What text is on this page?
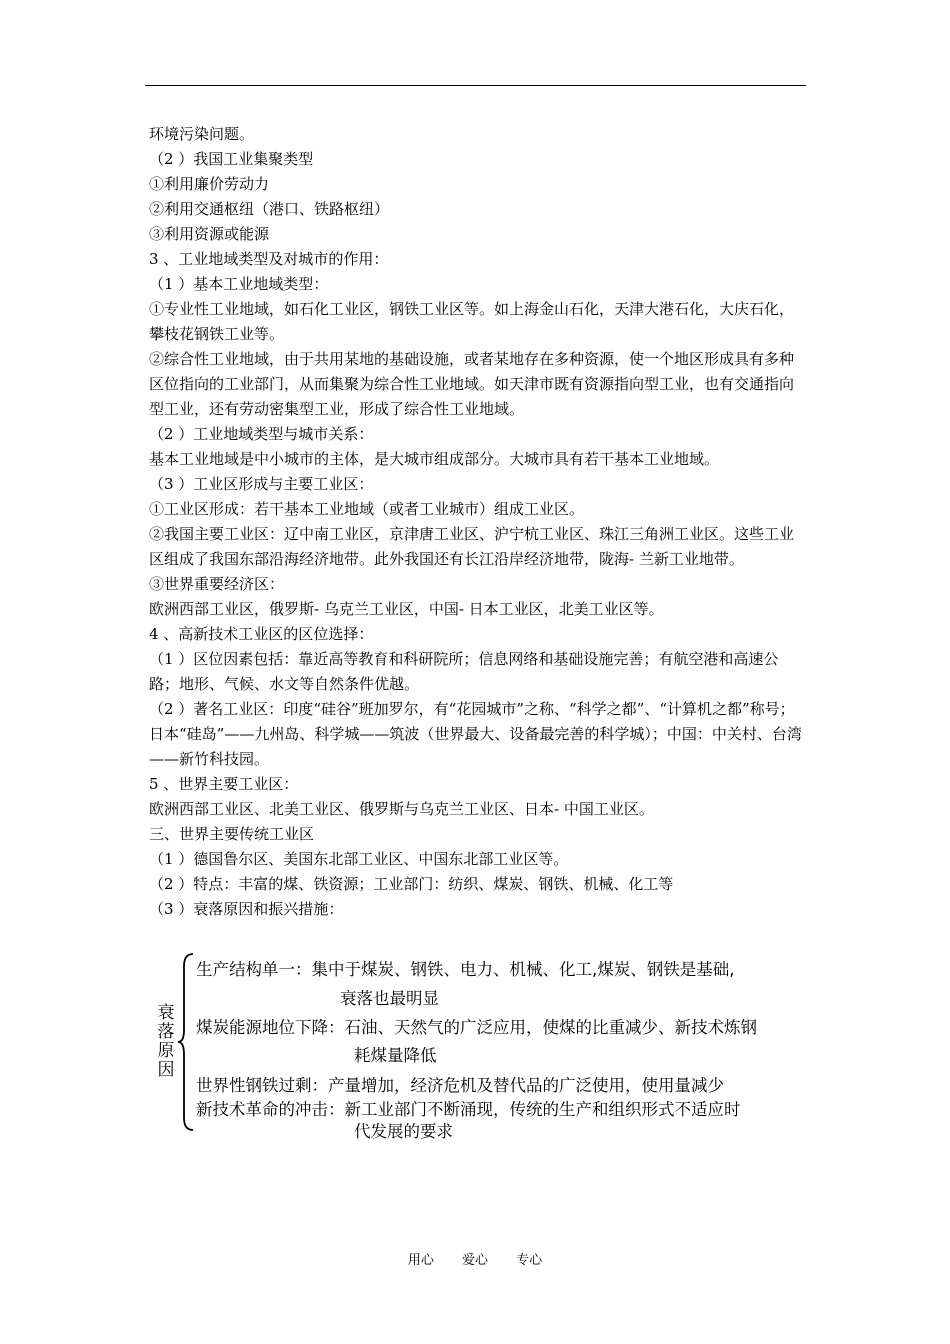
环境污染问题。

（2 ）我国工业集聚类型

①利用廉价劳动力

②利用交通枢纽（港口、铁路枢纽）

③利用资源或能源

3 、工业地域类型及对城市的作用：

（1 ）基本工业地域类型：

①专业性工业地域，如石化工业区，钢铁工业区等。如上海金山石化，天津大港石化，大庆石化，攀枝花钢铁工业等。

②综合性工业地域，由于共用某地的基础设施，或者某地存在多种资源，使一个地区形成具有多种区位指向的工业部门，从而集聚为综合性工业地域。如天津市既有资源指向型工业，也有交通指向型工业，还有劳动密集型工业，形成了综合性工业地域。

（2 ）工业地域类型与城市关系：

基本工业地域是中小城市的主体，是大城市组成部分。大城市具有若干基本工业地域。

（3 ）工业区形成与主要工业区：

①工业区形成：若干基本工业地域（或者工业城市）组成工业区。

②我国主要工业区：辽中南工业区，京津唐工业区、沪宁杭工业区、珠江三角洲工业区。这些工业区组成了我国东部沿海经济地带。此外我国还有长江沿岸经济地带，陇海- 兰新工业地带。

③世界重要经济区：

欧洲西部工业区，俄罗斯- 乌克兰工业区，中国- 日本工业区，北美工业区等。

4 、高新技术工业区的区位选择：

（1 ）区位因素包括：靠近高等教育和科研院所；信息网络和基础设施完善；有航空港和高速公路；地形、气候、水文等自然条件优越。

（2 ）著名工业区：印度“硅谷”班加罗尔，有“花园城市”之称、“科学之都”、“计算机之都”称号；日本“硅岛”——九州岛、科学城——筑波（世界最大、设备最完善的科学城）；中国：中关村、台湾——新竹科技园。

5 、世界主要工业区：

欧洲西部工业区、北美工业区、俄罗斯与乌克兰工业区、日本- 中国工业区。

三、世界主要传统工业区

（1 ）德国鲁尔区、美国东北部工业区、中国东北部工业区等。

（2 ）特点：丰富的煤、铁资源；工业部门：纺织、煤炭、钢铁、机械、化工等

（3 ）衰落原因和振兴措施：

衰落原因
生产结构单一：集中于煤炭、钢铁、电力、机械、化工,煤炭、钢铁是基础,
衰落也最明显
煤炭能源地位下降：石油、天然气的广泛应用，使煤的比重减少、新技术炼钢
耗煤量降低
世界性钢铁过剩：产量增加，经济危机及替代品的广泛使用，使用量减少
新技术革命的冲击：新工业部门不断涌现，传统的生产和组织形式不适应时
代发展的要求
用心 爱心 专心
